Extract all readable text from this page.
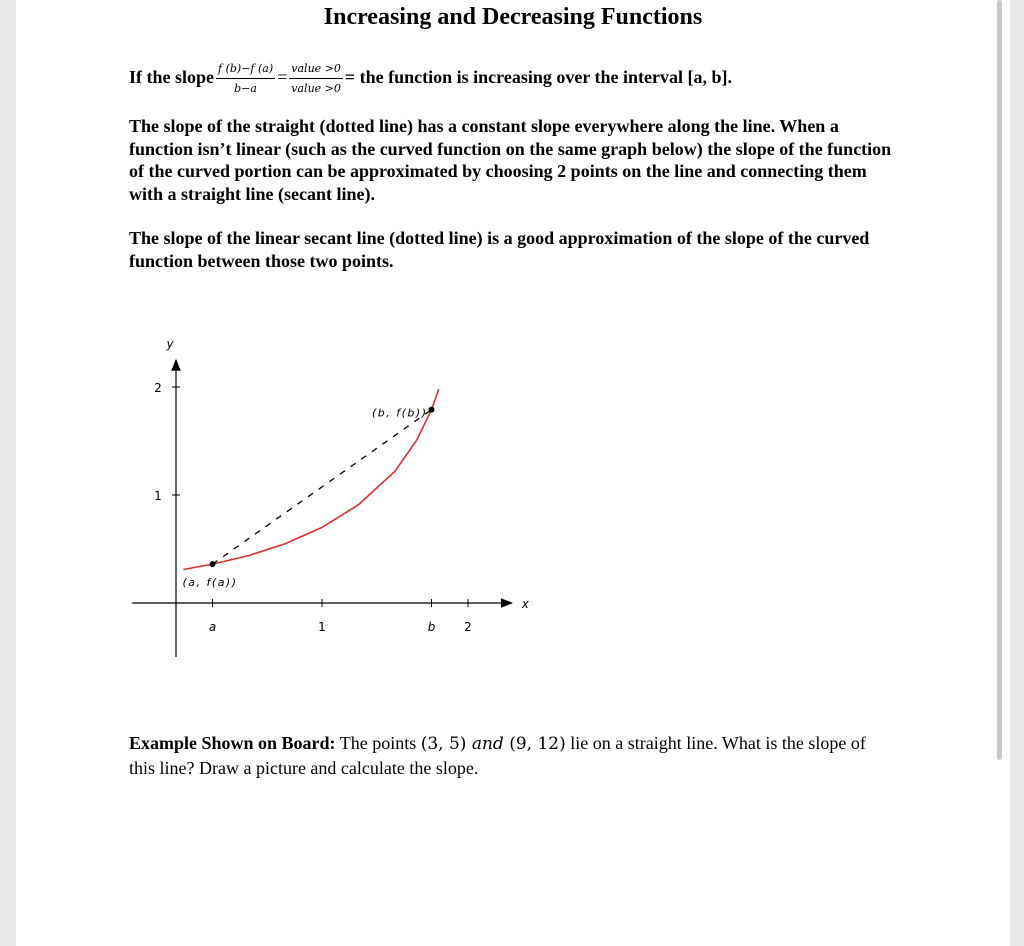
Increasing and Decreasing Functions
If the slope $\frac{f (b)-f (a)}{b-a} = \frac{\text{value >0}}{\text{value >0}}$ = the function is increasing over the interval [a, b].
The slope of the straight (dotted line) has a constant slope everywhere along the line. When a function isn’t linear (such as the curved function on the same graph below) the slope of the function of the curved portion can be approximated by choosing 2 points on the line and connecting them with a straight line (secant line).
The slope of the linear secant line (dotted line) is a good approximation of the slope of the curved function between those two points.
x
y
a	1	b 2
1
2
(a, f(a))
(b, f(b))
Example Shown on Board: The points (3, 5) and (9, 12) lie on a straight line. What is the slope of this line? Draw a picture and calculate the slope.
